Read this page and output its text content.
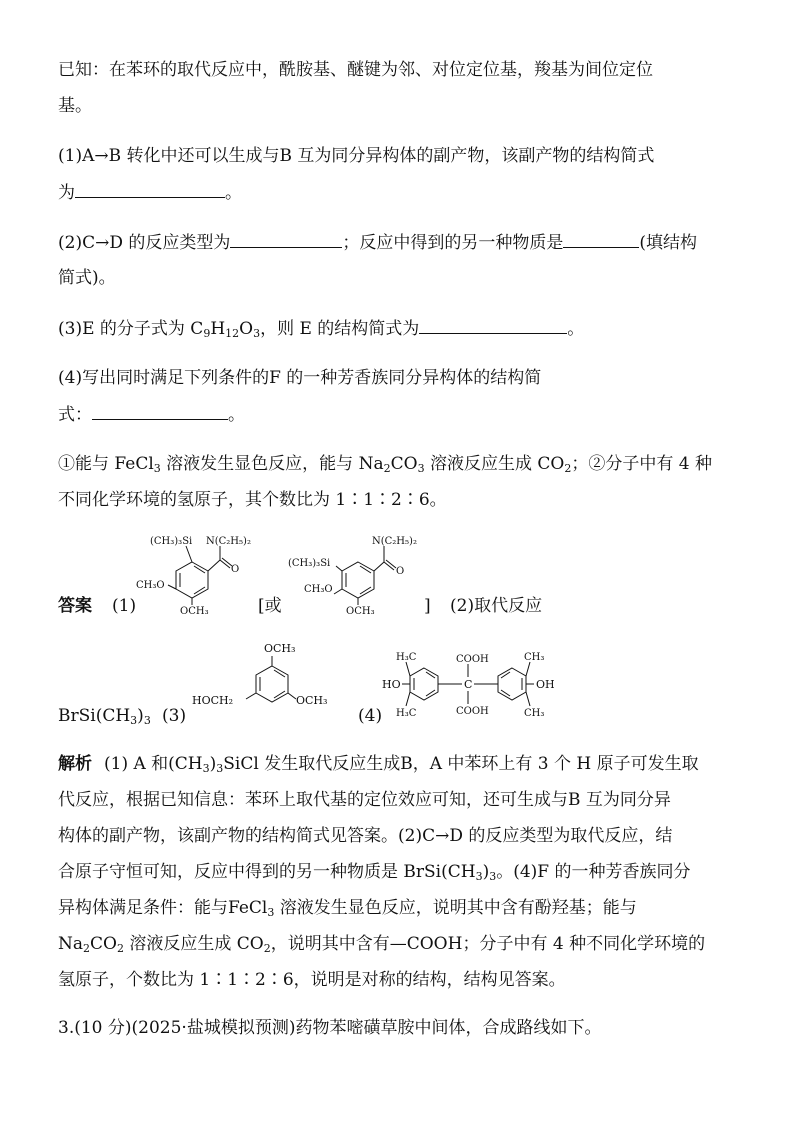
已知：在苯环的取代反应中，酰胺基、醚键为邻、对位定位基，羧基为间位定位
基。
(1)A→B 转化中还可以生成与B 互为同分异构体的副产物，该副产物的结构简式
为	。
(2)C→D 的反应类型为	；反应中得到的另一种物质是	(填结构
简式)。
(3)E 的分子式为 $C_9H_{12}O_3$，则 E 的结构简式为	。
(4)写出同时满足下列条件的F 的一种芳香族同分异构体的结构简
式：	。
①能与 FeCl$_3$ 溶液发生显色反应，能与 $Na_2CO_3$ 溶液反应生成 $CO_2$；②分子中有 4 种
不同化学环境的氢原子，其个数比为 1∶1∶2∶6。
答案 (1)
(CH₃)₃Si N(C₂H₅)₂
O
CH₃O
OCH₃	[或
(CH₃)₃Si
N(C₂H₅)₂
O
CH₃O
OCH₃	] (2)取代反应
$BrSi(CH_3)_3$ (3)
OCH₃
HOCH₂	OCH₃
(4)
H₃C
HO
H₃C
COOH
C
COOH
CH₃
OH
CH₃
解析 (1) A 和$(CH_3)_3SiCl$ 发生取代反应生成B，A 中苯环上有 3 个 H 原子可发生取
代反应，根据已知信息：苯环上取代基的定位效应可知，还可生成与B 互为同分异
构体的副产物，该副产物的结构简式见答案。(2)C→D 的反应类型为取代反应，结
合原子守恒可知，反应中得到的另一种物质是 $BrSi(CH_3)_3$。(4)F 的一种芳香族同分
异构体满足条件：能与FeCl$_3$ 溶液发生显色反应，说明其中含有酚羟基；能与
$Na_2CO_2$ 溶液反应生成 $CO_2$，说明其中含有—COOH；分子中有 4 种不同化学环境的
氢原子，个数比为 1∶1∶2∶6，说明是对称的结构，结构见答案。
3.(10 分)(2025·盐城模拟预测)药物苯嘧磺草胺中间体，合成路线如下。
